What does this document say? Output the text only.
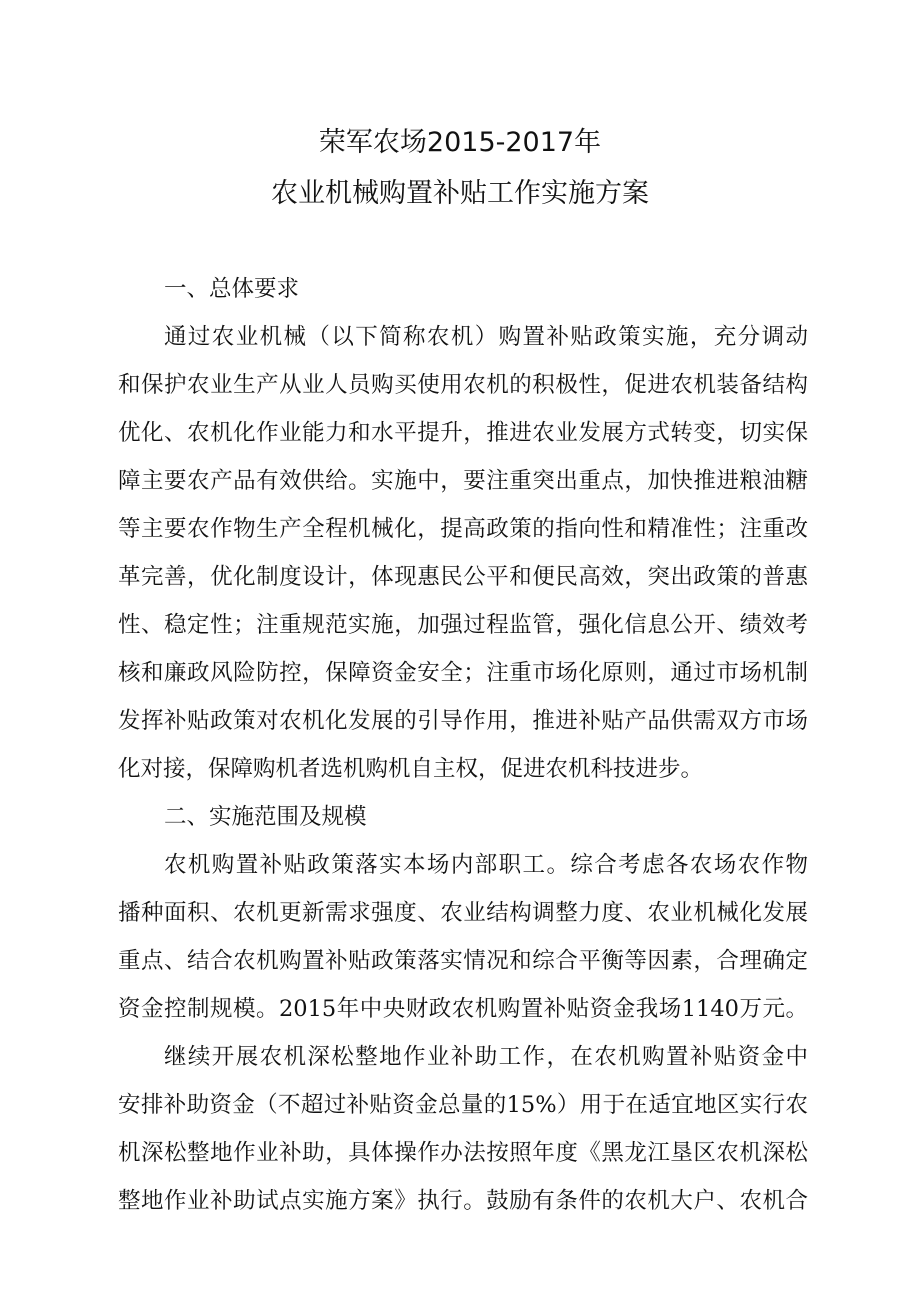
荣军农场2015-2017年
农业机械购置补贴工作实施方案
一、总体要求
通过农业机械（以下简称农机）购置补贴政策实施，充分调动
和保护农业生产从业人员购买使用农机的积极性，促进农机装备结构
优化、农机化作业能力和水平提升，推进农业发展方式转变，切实保
障主要农产品有效供给。实施中，要注重突出重点，加快推进粮油糖
等主要农作物生产全程机械化，提高政策的指向性和精准性；注重改
革完善，优化制度设计，体现惠民公平和便民高效，突出政策的普惠
性、稳定性；注重规范实施，加强过程监管，强化信息公开、绩效考
核和廉政风险防控，保障资金安全；注重市场化原则，通过市场机制
发挥补贴政策对农机化发展的引导作用，推进补贴产品供需双方市场
化对接，保障购机者选机购机自主权，促进农机科技进步。
二、实施范围及规模
农机购置补贴政策落实本场内部职工。综合考虑各农场农作物
播种面积、农机更新需求强度、农业结构调整力度、农业机械化发展
重点、结合农机购置补贴政策落实情况和综合平衡等因素，合理确定
资金控制规模。2015年中央财政农机购置补贴资金我场1140万元。
继续开展农机深松整地作业补助工作，在农机购置补贴资金中
安排补助资金（不超过补贴资金总量的15%）用于在适宜地区实行农
机深松整地作业补助，具体操作办法按照年度《黑龙江垦区农机深松
整地作业补助试点实施方案》执行。鼓励有条件的农机大户、农机合
